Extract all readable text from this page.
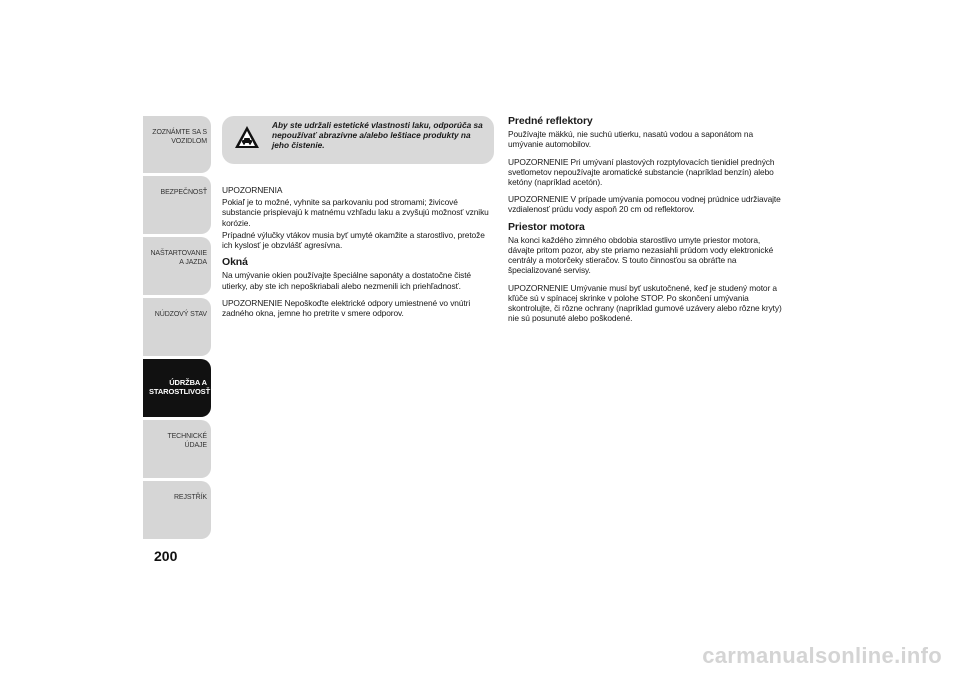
ZOZNÁMTE SA S VOZIDLOM
BEZPEČNOSŤ
NAŠTARTOVANIE A JAZDA
NÚDZOVÝ STAV
ÚDRŽBA A STAROSTLIVOSŤ
TECHNICKÉ ÚDAJE
REJSTŘÍK
200
Aby ste udržali estetické vlastnosti laku, odporúča sa nepoužívať abrazívne a/alebo leštiace produkty na jeho čistenie.

UPOZORNENIA

Pokiaľ je to možné, vyhnite sa parkovaniu pod stromami; živicové substancie prispievajú k matnému vzhľadu laku a zvyšujú možnosť vzniku korózie.

Prípadné výlučky vtákov musia byť umyté okamžite a starostlivo, pretože ich kyslosť je obzvlášť agresívna.

Okná

Na umývanie okien používajte špeciálne saponáty a dostatočne čisté utierky, aby ste ich nepoškriabali alebo nezmenili ich priehľadnosť.

UPOZORNENIE Nepoškoďte elektrické odpory umiestnené vo vnútri zadného okna, jemne ho pretrite v smere odporov.

Predné reflektory

Používajte mäkkú, nie suchú utierku, nasatú vodou a saponátom na umývanie automobilov.

UPOZORNENIE Pri umývaní plastových rozptylovacích tienidiel predných svetlometov nepoužívajte aromatické substancie (napríklad benzín) alebo ketóny (napríklad acetón).

UPOZORNENIE V prípade umývania pomocou vodnej prúdnice udržiavajte vzdialenosť prúdu vody aspoň 20 cm od reflektorov.

Priestor motora

Na konci každého zimného obdobia starostlivo umyte priestor motora, dávajte pritom pozor, aby ste priamo nezasiahli prúdom vody elektronické centrály a motorčeky stieračov. S touto činnosťou sa obráťte na špecializované servisy.

UPOZORNENIE Umývanie musí byť uskutočnené, keď je studený motor a kľúče sú v spínacej skrinke v polohe STOP. Po skončení umývania skontrolujte, či rôzne ochrany (napríklad gumové uzávery alebo rôzne kryty) nie sú posunuté alebo poškodené.

carmanualsonline.info
